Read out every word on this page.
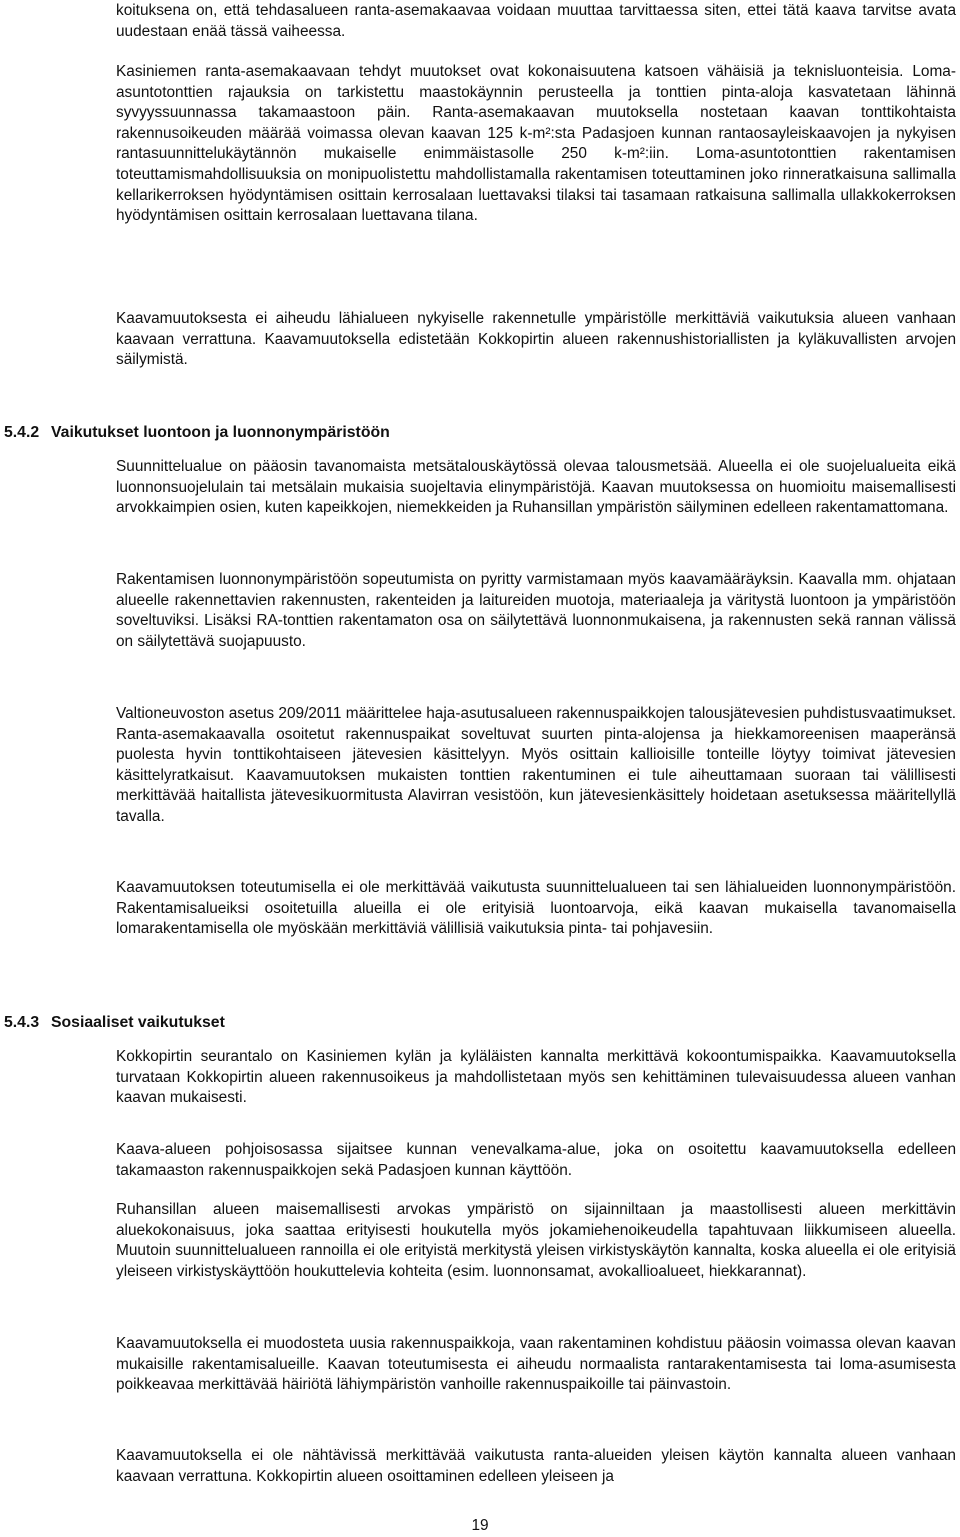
koituksena on, että tehdasalueen ranta-asemakaavaa voidaan muuttaa tarvittaessa siten, ettei tätä kaava tarvitse avata uudestaan enää tässä vaiheessa.

Kasiniemen ranta-asemakaavaan tehdyt muutokset ovat kokonaisuutena katsoen vähäisiä ja teknisluonteisia. Loma-asuntotonttien rajauksia on tarkistettu maastokäynnin perusteella ja tonttien pinta-aloja kasvatetaan lähinnä syvyyssuunnassa takamaastoon päin. Ranta-asemakaavan muutoksella nostetaan kaavan tonttikohtaista rakennusoikeuden määrää voimassa olevan kaavan 125 k-m²:sta Padasjoen kunnan rantaosayleiskaavojen ja nykyisen rantasuunnittelukäytännön mukaiselle enimmäistasolle 250 k-m²:iin. Loma-asuntotonttien rakentamisen toteuttamismahdollisuuksia on monipuolistettu mahdollistamalla rakentamisen toteuttaminen joko rinneratkaisuna sallimalla kellarikerroksen hyödyntämisen osittain kerrosalaan luettavaksi tilaksi tai tasamaan ratkaisuna sallimalla ullakkokerroksen hyödyntämisen osittain kerrosalaan luettavana tilana.

Kaavamuutoksesta ei aiheudu lähialueen nykyiselle rakennetulle ympäristölle merkittäviä vaikutuksia alueen vanhaan kaavaan verrattuna. Kaavamuutoksella edistetään Kokkopirtin alueen rakennushistoriallisten ja kyläkuvallisten arvojen säilymistä.

5.4.2 Vaikutukset luontoon ja luonnonympäristöön

Suunnittelualue on pääosin tavanomaista metsätalouskäytössä olevaa talousmetsää. Alueella ei ole suojelualueita eikä luonnonsuojelulain tai metsälain mukaisia suojeltavia elinympäristöjä. Kaavan muutoksessa on huomioitu maisemallisesti arvokkaimpien osien, kuten kapeikkojen, niemekkeiden ja Ruhansillan ympäristön säilyminen edelleen rakentamattomana.

Rakentamisen luonnonympäristöön sopeutumista on pyritty varmistamaan myös kaavamääräyksin. Kaavalla mm. ohjataan alueelle rakennettavien rakennusten, rakenteiden ja laitureiden muotoja, materiaaleja ja väritystä luontoon ja ympäristöön soveltuviksi. Lisäksi RA-tonttien rakentamaton osa on säilytettävä luonnonmukaisena, ja rakennusten sekä rannan välissä on säilytettävä suojapuusto.

Valtioneuvoston asetus 209/2011 määrittelee haja-asutusalueen rakennuspaikkojen talousjätevesien puhdistusvaatimukset. Ranta-asemakaavalla osoitetut rakennuspaikat soveltuvat suurten pinta-alojensa ja hiekkamoreenisen maaperänsä puolesta hyvin tonttikohtaiseen jätevesien käsittelyyn. Myös osittain kallioisille tonteille löytyy toimivat jätevesien käsittelyratkaisut. Kaavamuutoksen mukaisten tonttien rakentuminen ei tule aiheuttamaan suoraan tai välillisesti merkittävää haitallista jätevesikuormitusta Alavirran vesistöön, kun jätevesienkäsittely hoidetaan asetuksessa määritellyllä tavalla.

Kaavamuutoksen toteutumisella ei ole merkittävää vaikutusta suunnittelualueen tai sen lähialueiden luonnonympäristöön. Rakentamisalueiksi osoitetuilla alueilla ei ole erityisiä luontoarvoja, eikä kaavan mukaisella tavanomaisella lomarakentamisella ole myöskään merkittäviä välillisiä vaikutuksia pinta- tai pohjavesiin.

5.4.3 Sosiaaliset vaikutukset

Kokkopirtin seurantalo on Kasiniemen kylän ja kyläläisten kannalta merkittävä kokoontumispaikka. Kaavamuutoksella turvataan Kokkopirtin alueen rakennusoikeus ja mahdollistetaan myös sen kehittäminen tulevaisuudessa alueen vanhan kaavan mukaisesti.

Kaava-alueen pohjoisosassa sijaitsee kunnan venevalkama-alue, joka on osoitettu kaavamuutoksella edelleen takamaaston rakennuspaikkojen sekä Padasjoen kunnan käyttöön.

Ruhansillan alueen maisemallisesti arvokas ympäristö on sijainniltaan ja maastollisesti alueen merkittävin aluekokonaisuus, joka saattaa erityisesti houkutella myös jokamiehenoikeudella tapahtuvaan liikkumiseen alueella. Muutoin suunnittelualueen rannoilla ei ole erityistä merkitystä yleisen virkistyskäytön kannalta, koska alueella ei ole erityisiä yleiseen virkistyskäyttöön houkuttelevia kohteita (esim. luonnonsamat, avokallioalueet, hiekkarannat).

Kaavamuutoksella ei muodosteta uusia rakennuspaikkoja, vaan rakentaminen kohdistuu pääosin voimassa olevan kaavan mukaisille rakentamisalueille. Kaavan toteutumisesta ei aiheudu normaalista rantarakentamisesta tai loma-asumisesta poikkeavaa merkittävää häiriötä lähiympäristön vanhoille rakennuspaikoille tai päinvastoin.

Kaavamuutoksella ei ole nähtävissä merkittävää vaikutusta ranta-alueiden yleisen käytön kannalta alueen vanhaan kaavaan verrattuna. Kokkopirtin alueen osoittaminen edelleen yleiseen ja

19
